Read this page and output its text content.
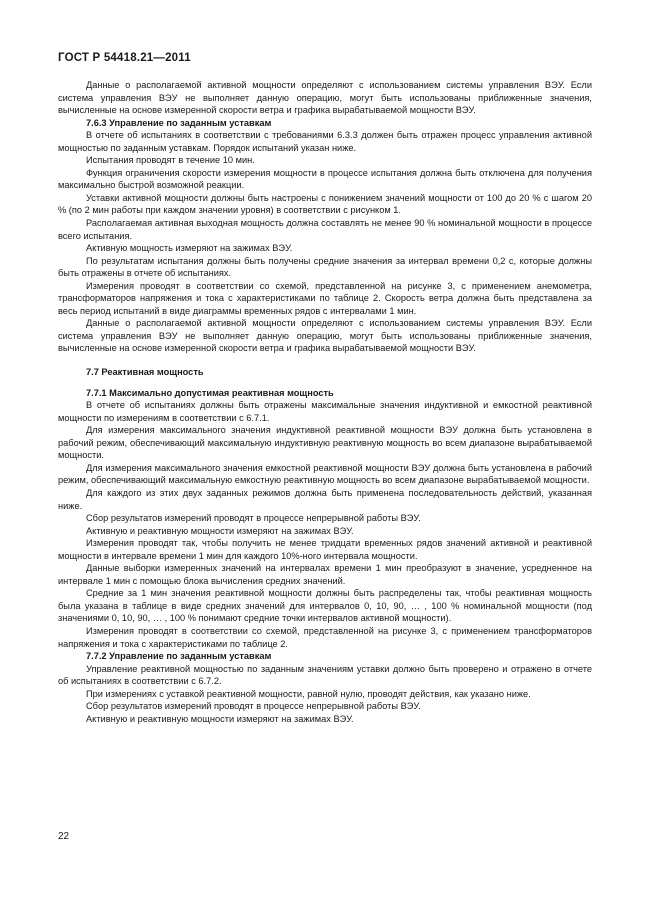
ГОСТ Р 54418.21—2011

Данные о располагаемой активной мощности определяют с использованием системы управления ВЭУ. Если система управления ВЭУ не выполняет данную операцию, могут быть использованы приближенные значения, вычисленные на основе измеренной скорости ветра и графика вырабатываемой мощности ВЭУ.

7.6.3 Управление по заданным уставкам

В отчете об испытаниях в соответствии с требованиями 6.3.3 должен быть отражен процесс управления активной мощностью по заданным уставкам. Порядок испытаний указан ниже.

Испытания проводят в течение 10 мин.

Функция ограничения скорости измерения мощности в процессе испытания должна быть отключена для получения максимально быстрой возможной реакции.

Уставки активной мощности должны быть настроены с понижением значений мощности от 100 до 20 % с шагом 20 % (по 2 мин работы при каждом значении уровня) в соответствии с рисунком 1.

Располагаемая активная выходная мощность должна составлять не менее 90 % номинальной мощности в процессе всего испытания.

Активную мощность измеряют на зажимах ВЭУ.

По результатам испытания должны быть получены средние значения за интервал времени 0,2 с, которые должны быть отражены в отчете об испытаниях.

Измерения проводят в соответствии со схемой, представленной на рисунке 3, с применением анемометра, трансформаторов напряжения и тока с характеристиками по таблице 2. Скорость ветра должна быть представлена за весь период испытаний в виде диаграммы временных рядов с интервалами 1 мин.

Данные о располагаемой активной мощности определяют с использованием системы управления ВЭУ. Если система управления ВЭУ не выполняет данную операцию, могут быть использованы приближенные значения, вычисленные на основе измеренной скорости ветра и графика вырабатываемой мощности ВЭУ.

7.7 Реактивная мощность
7.7.1 Максимально допустимая реактивная мощность

В отчете об испытаниях должны быть отражены максимальные значения индуктивной и емкостной реактивной мощности по измерениям в соответствии с 6.7.1.

Для измерения максимального значения индуктивной реактивной мощности ВЭУ должна быть установлена в рабочий режим, обеспечивающий максимальную индуктивную реактивную мощность во всем диапазоне вырабатываемой мощности.

Для измерения максимального значения емкостной реактивной мощности ВЭУ должна быть установлена в рабочий режим, обеспечивающий максимальную емкостную реактивную мощность во всем диапазоне вырабатываемой мощности.

Для каждого из этих двух заданных режимов должна быть применена последовательность действий, указанная ниже.

Сбор результатов измерений проводят в процессе непрерывной работы ВЭУ.

Активную и реактивную мощности измеряют на зажимах ВЭУ.

Измерения проводят так, чтобы получить не менее тридцати временных рядов значений активной и реактивной мощности в интервале времени 1 мин для каждого 10%-ного интервала мощности.

Данные выборки измеренных значений на интервалах времени 1 мин преобразуют в значение, усредненное на интервале 1 мин с помощью блока вычисления средних значений.

Средние за 1 мин значения реактивной мощности должны быть распределены так, чтобы реактивная мощность была указана в таблице в виде средних значений для интервалов 0, 10, 90, … , 100 % номинальной мощности (под значениями 0, 10, 90, … , 100 % понимают средние точки интервалов активной мощности).

Измерения проводят в соответствии со схемой, представленной на рисунке 3, с применением трансформаторов напряжения и тока с характеристиками по таблице 2.

7.7.2 Управление по заданным уставкам

Управление реактивной мощностью по заданным значениям уставки должно быть проверено и отражено в отчете об испытаниях в соответствии с 6.7.2.

При измерениях с уставкой реактивной мощности, равной нулю, проводят действия, как указано ниже.

Сбор результатов измерений проводят в процессе непрерывной работы ВЭУ.

Активную и реактивную мощности измеряют на зажимах ВЭУ.

22
